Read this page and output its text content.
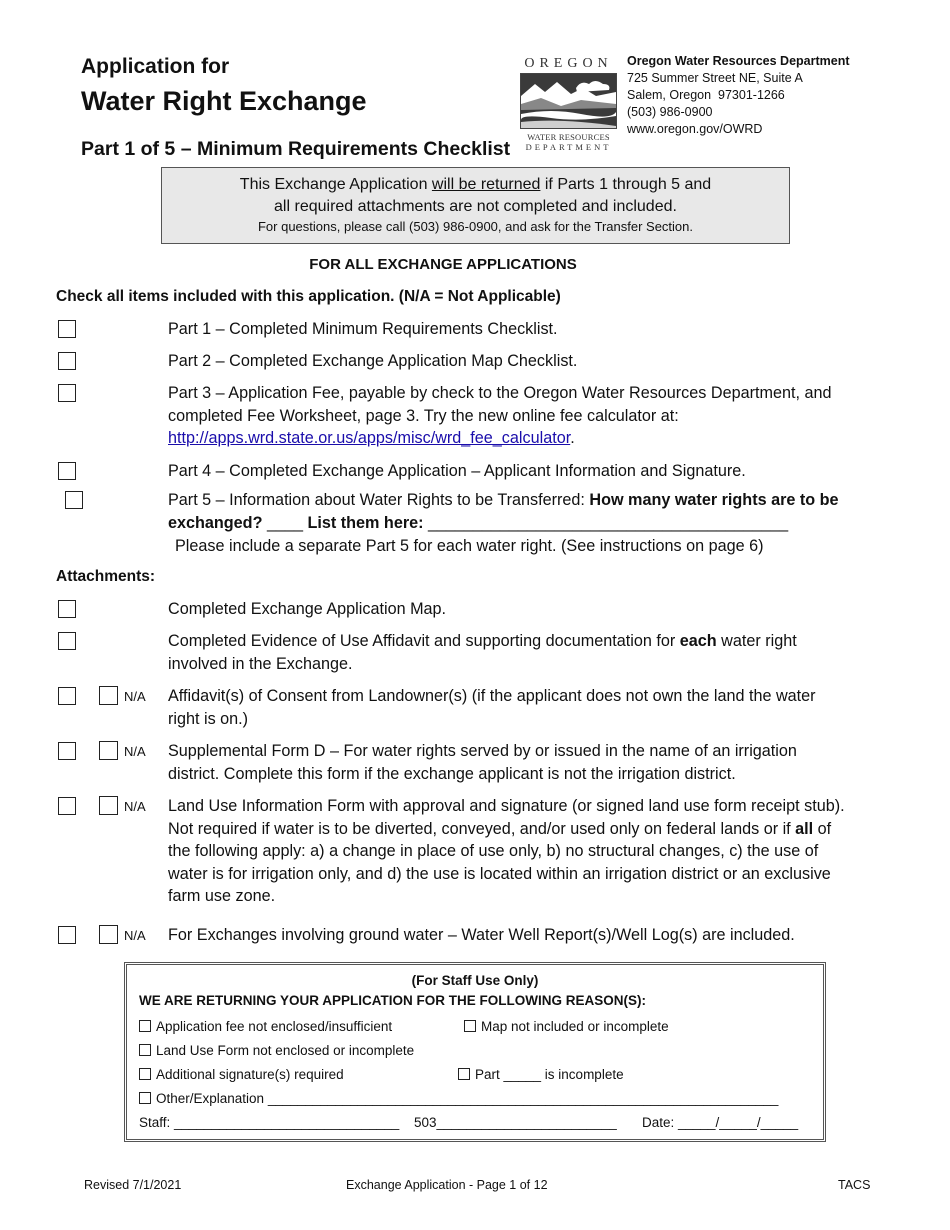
Application for
Water Right Exchange
Part 1 of 5 – Minimum Requirements Checklist
OREGON
WATER RESOURCES
DEPARTMENT
Oregon Water Resources Department
725 Summer Street NE, Suite A
Salem, Oregon  97301-1266
(503) 986-0900
www.oregon.gov/OWRD
This Exchange Application will be returned if Parts 1 through 5 and
all required attachments are not completed and included.
For questions, please call (503) 986-0900, and ask for the Transfer Section.
FOR ALL EXCHANGE APPLICATIONS
Check all items included with this application. (N/A = Not Applicable)
Part 1 – Completed Minimum Requirements Checklist.
Part 2 – Completed Exchange Application Map Checklist.
Part 3 – Application Fee, payable by check to the Oregon Water Resources Department, and completed Fee Worksheet, page 3. Try the new online fee calculator at:
http://apps.wrd.state.or.us/apps/misc/wrd_fee_calculator.
Part 4 – Completed Exchange Application – Applicant Information and Signature.
Part 5 – Information about Water Rights to be Transferred: How many water rights are to be exchanged? ____ List them here: ________________________________________
Please include a separate Part 5 for each water right. (See instructions on page 6)
Attachments:
Completed Exchange Application Map.
Completed Evidence of Use Affidavit and supporting documentation for each water right involved in the Exchange.
N/A Affidavit(s) of Consent from Landowner(s) (if the applicant does not own the land the water right is on.)
N/A Supplemental Form D – For water rights served by or issued in the name of an irrigation district. Complete this form if the exchange applicant is not the irrigation district.
N/A Land Use Information Form with approval and signature (or signed land use form receipt stub). Not required if water is to be diverted, conveyed, and/or used only on federal lands or if all of the following apply: a) a change in place of use only, b) no structural changes, c) the use of water is for irrigation only, and d) the use is located within an irrigation district or an exclusive farm use zone.
N/A For Exchanges involving ground water – Water Well Report(s)/Well Log(s) are included.
(For Staff Use Only)
WE ARE RETURNING YOUR APPLICATION FOR THE FOLLOWING REASON(S):
Application fee not enclosed/insufficient	Map not included or incomplete
Land Use Form not enclosed or incomplete
Additional signature(s) required	Part _____ is incomplete
Other/Explanation ____________________________________________________________________
Staff: ______________________________ 503________________________ Date: _____/_____/_____
Revised 7/1/2021	Exchange Application - Page 1 of 12	TACS
